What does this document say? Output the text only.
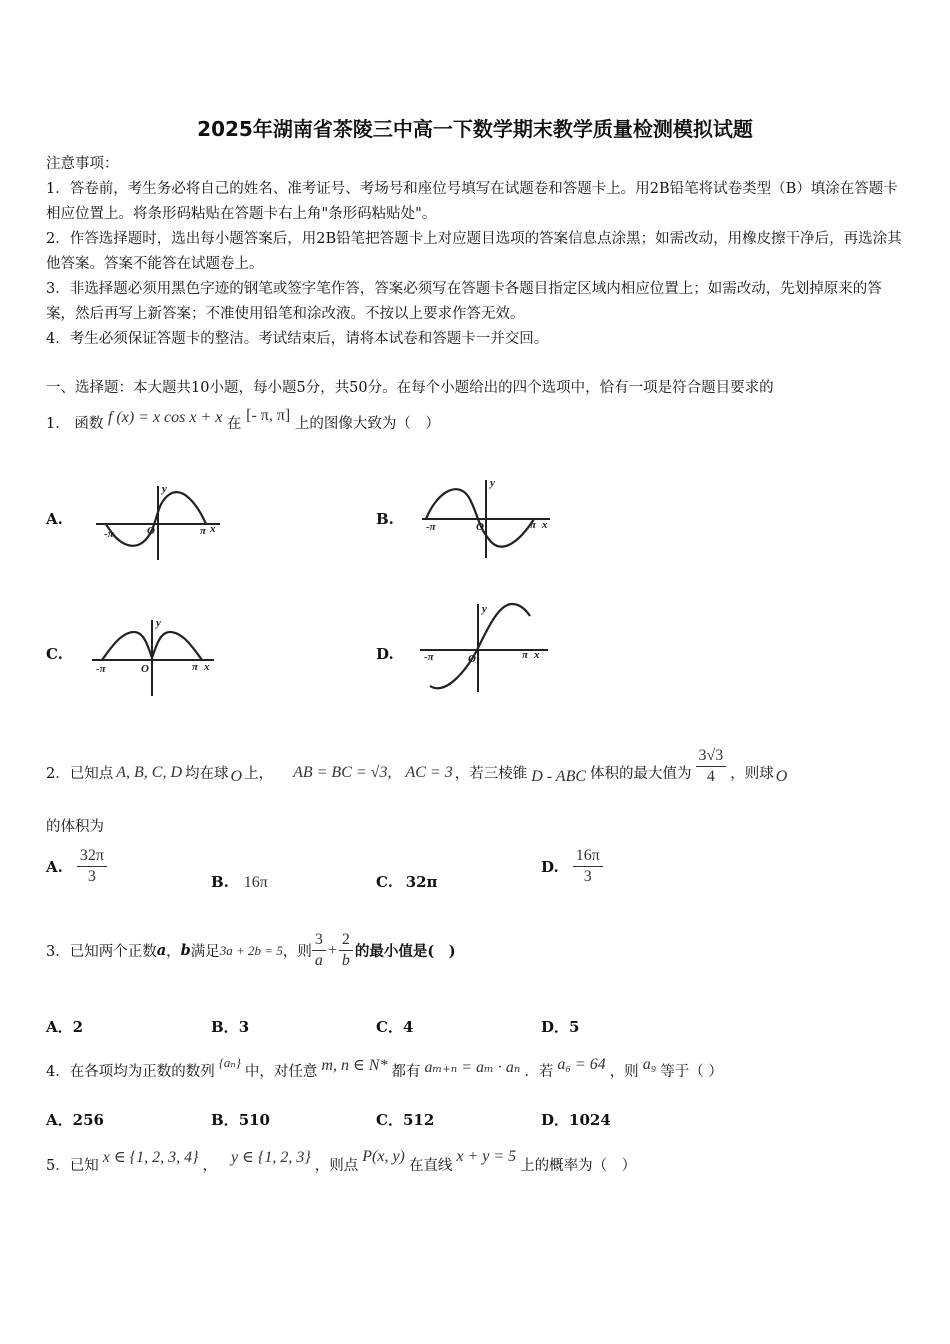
2025年湖南省茶陵三中高一下数学期末教学质量检测模拟试题

注意事项：

1．答卷前，考生务必将自己的姓名、准考证号、考场号和座位号填写在试题卷和答题卡上。用2B铅笔将试卷类型（B）填涂在答题卡相应位置上。将条形码粘贴在答题卡右上角"条形码粘贴处"。

2．作答选择题时，选出每小题答案后，用2B铅笔把答题卡上对应题目选项的答案信息点涂黑；如需改动，用橡皮擦干净后，再选涂其他答案。答案不能答在试题卷上。

3．非选择题必须用黑色字迹的钢笔或签字笔作答，答案必须写在答题卡各题目指定区域内相应位置上；如需改动，先划掉原来的答案，然后再写上新答案；不准使用铅笔和涂改液。不按以上要求作答无效。

4．考生必须保证答题卡的整洁。考试结束后，请将本试卷和答题卡一并交回。

一、选择题：本大题共10小题，每小题5分，共50分。在每个小题给出的四个选项中，恰有一项是符合题目要求的
1． 函数 f (x) = x cos x + x 在 [- π, π] 上的图像大致为（　）
A.	B.
C.	D.
y
x
O
-π	π
y
x
O
-π	π
y
x
O
-π	π
y
x
O
-π	π
2． 已知点 A, B, C, D 均在球 O 上， AB = BC = √3, AC = 3 ，若三棱锥 D - ABC 体积的最大值为 $\frac{3√3}{4}$ ，则球 O
的体积为
A. $\frac{32\pi}{3}$	B. 16π	C. 32π
D. $\frac{16\pi}{3}$
3． 已知两个正数 a ， b 满足 3a + 2b = 5 ，则 $\frac{3}{a} + \frac{2}{b}$ 的最小值是(　)
A．2	B．3	C．4	D．5
4． 在各项均为正数的数列
{aₙ}
中，对任意 m, n ∈ N* 都有 aₘ₊ₙ = aₘ · aₙ ．若 a₆ = 64 ，则 a₉ 等于（ ）
A．256	B．510	C．512	D．1024
5． 已知
x ∈ {1, 2, 3, 4}
，
y ∈ {1, 2, 3}
，则点
P(x, y)
在直线
x + y = 5
上的概率为（　）
